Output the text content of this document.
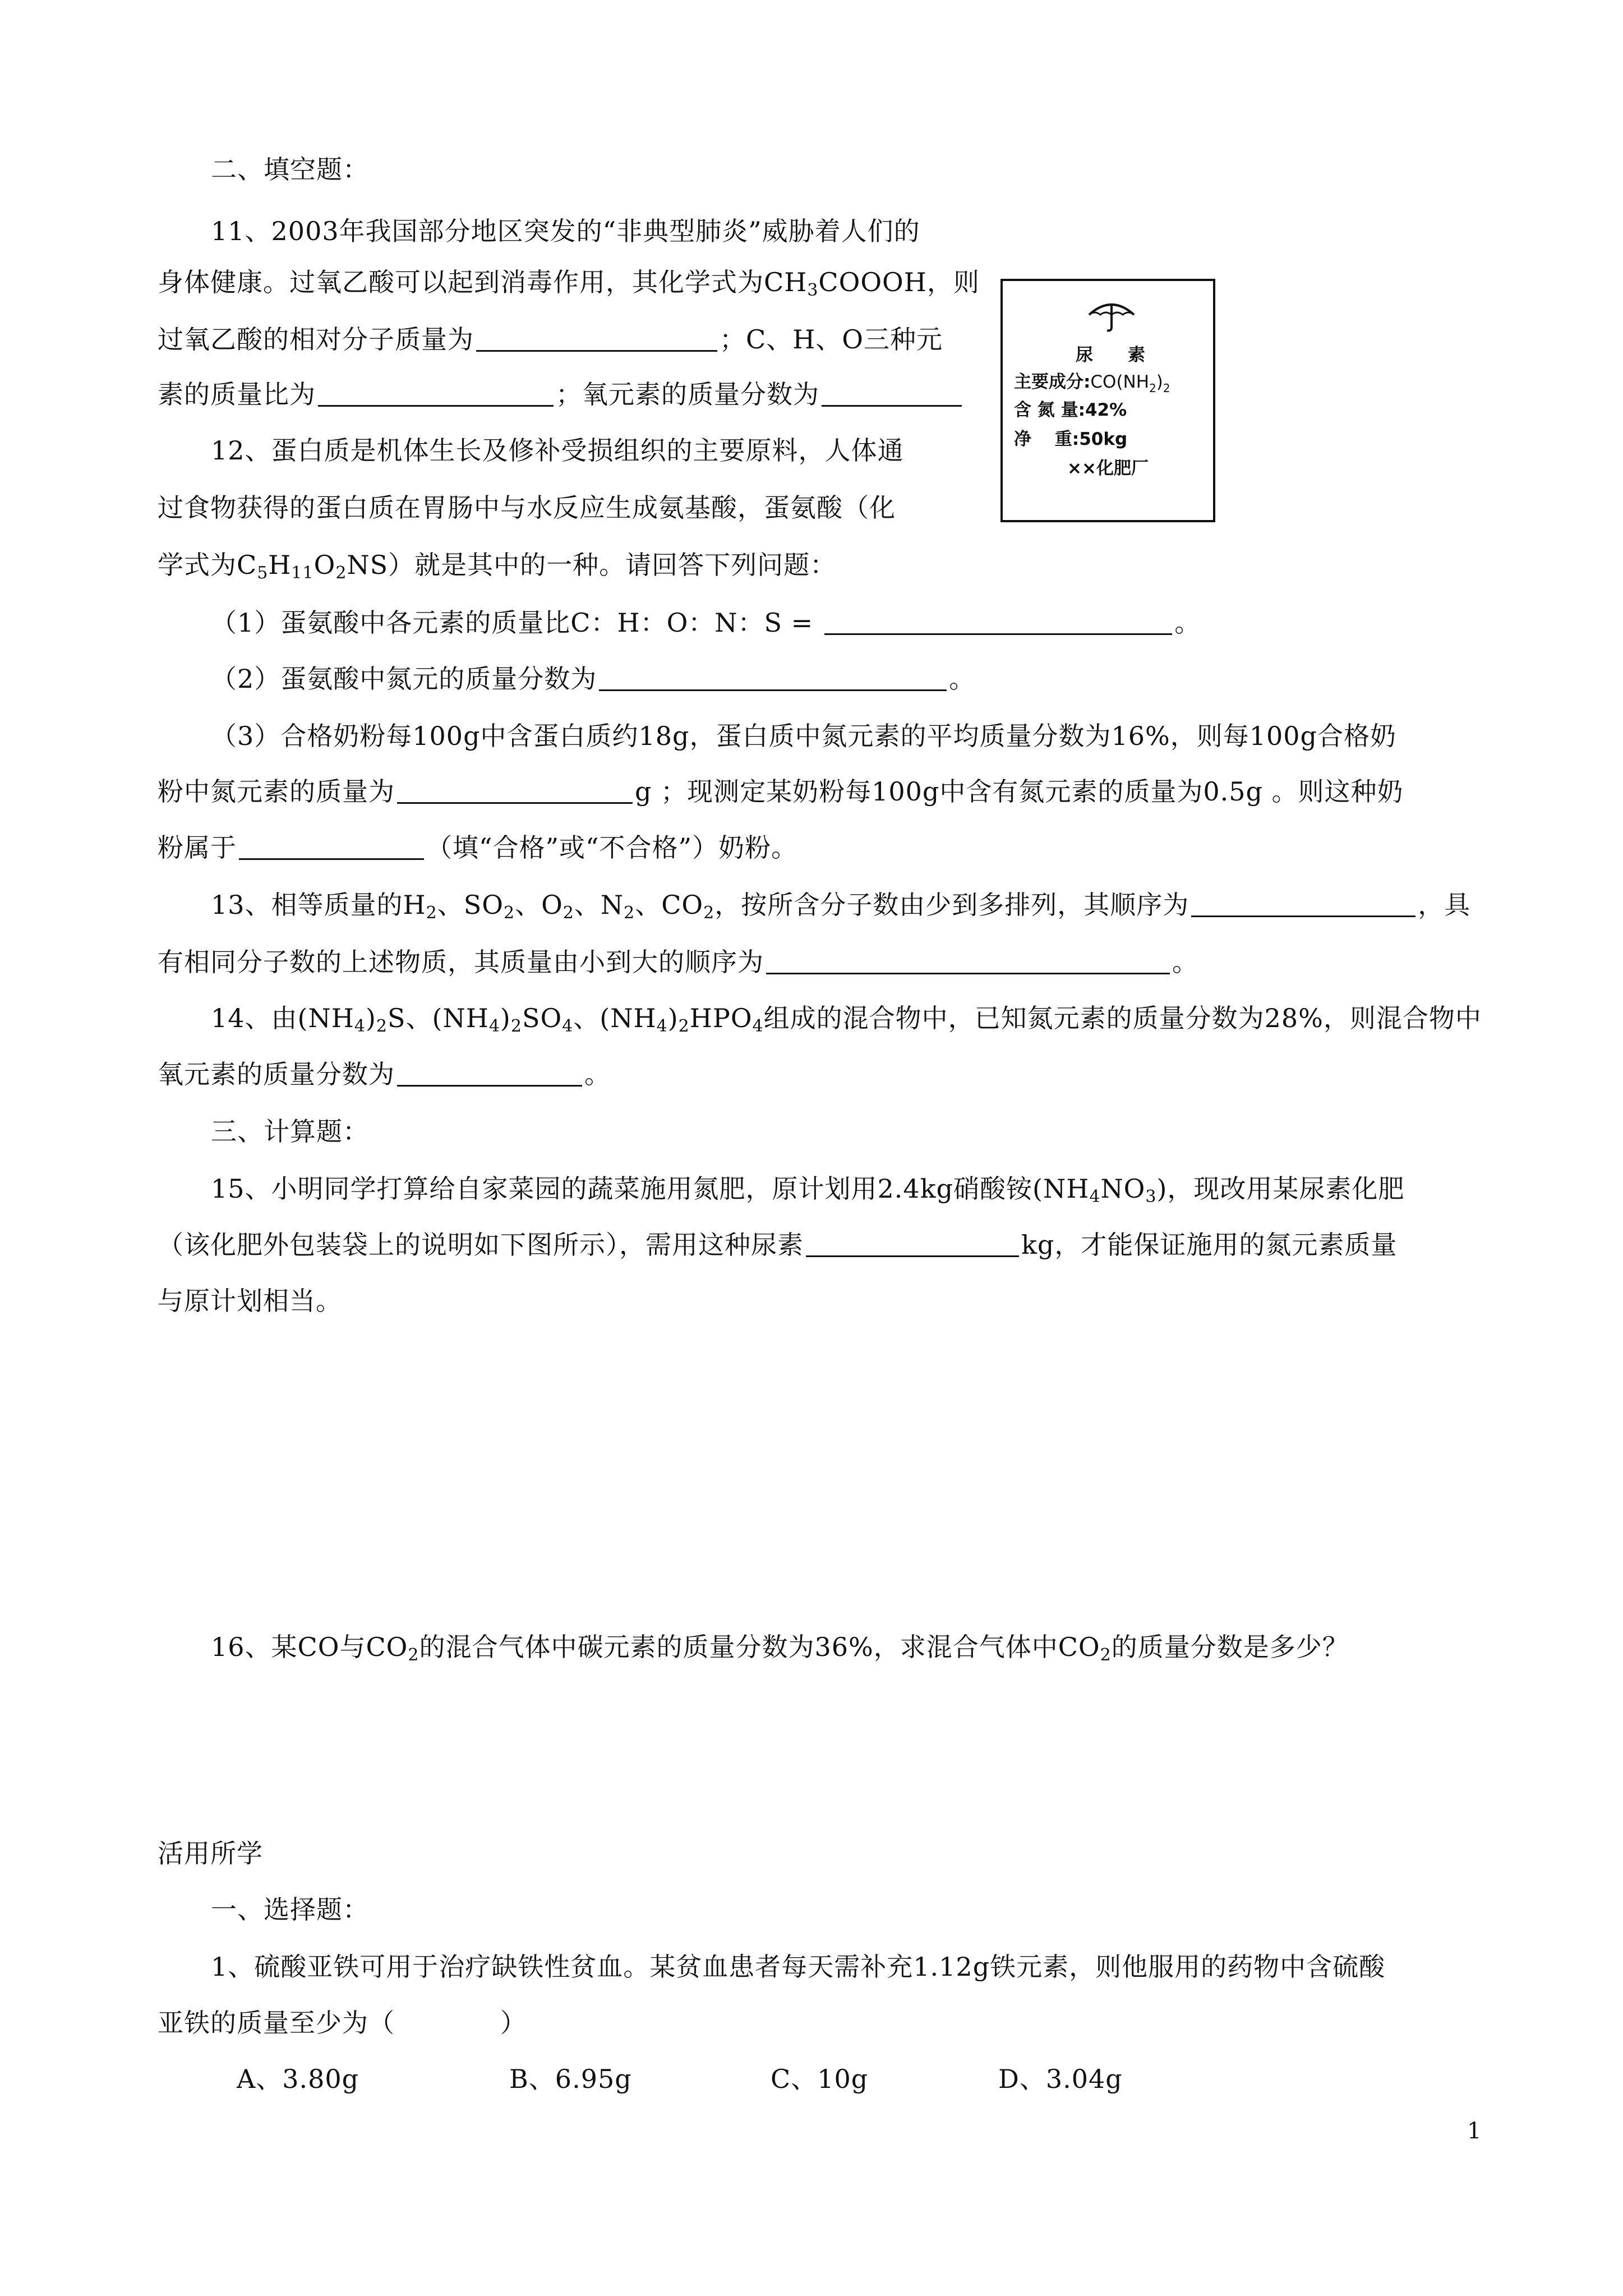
二、填空题：
11、2003年我国部分地区突发的“非典型肺炎”威胁着人们的
身体健康。过氧乙酸可以起到消毒作用，其化学式为$CH_3COOOH$，则
过氧乙酸的相对分子质量为	；C、H、O三种元
素的质量比为	；氧元素的质量分数为
尿　　素
主要成分$:CO(NH_2)_2$
含 氮 量:42%
净　 重:50kg
××化肥厂
12、蛋白质是机体生长及修补受损组织的主要原料，人体通
过食物获得的蛋白质在胃肠中与水反应生成氨基酸，蛋氨酸（化
学式为$C_5H_{11}O_2NS$）就是其中的一种。请回答下列问题：
（1）蛋氨酸中各元素的质量比C：H：O：N：S =	。
（2）蛋氨酸中氮元的质量分数为	。
（3）合格奶粉每100g中含蛋白质约18g，蛋白质中氮元素的平均质量分数为16%，则每100g合格奶
粉中氮元素的质量为	g ；现测定某奶粉每100g中含有氮元素的质量为0.5g 。则这种奶
粉属于	（填“合格”或“不合格”）奶粉。
13、相等质量的$H_2$、$SO_2$、$O_2$、$N_2$、$CO_2$，按所含分子数由少到多排列，其顺序为	，具
有相同分子数的上述物质，其质量由小到大的顺序为	。
14、由$(NH_4)_2S$、$(NH_4)_2SO_4$、$(NH_4)_2HPO_4$组成的混合物中，已知氮元素的质量分数为28%，则混合物中
氧元素的质量分数为	。
三、计算题：
15、小明同学打算给自家菜园的蔬菜施用氮肥，原计划用2.4kg硝酸铵$(NH_4NO_3)$，现改用某尿素化肥
（该化肥外包装袋上的说明如下图所示），需用这种尿素	kg，才能保证施用的氮元素质量
与原计划相当。
16、某CO与$CO_2$的混合气体中碳元素的质量分数为36%，求混合气体中$CO_2$的质量分数是多少？
活用所学
一、选择题：
1、硫酸亚铁可用于治疗缺铁性贫血。某贫血患者每天需补充1.12g铁元素，则他服用的药物中含硫酸
亚铁的质量至少为（　　　　）
A、3.80g	B、6.95g	C、10g	D、3.04g
1
